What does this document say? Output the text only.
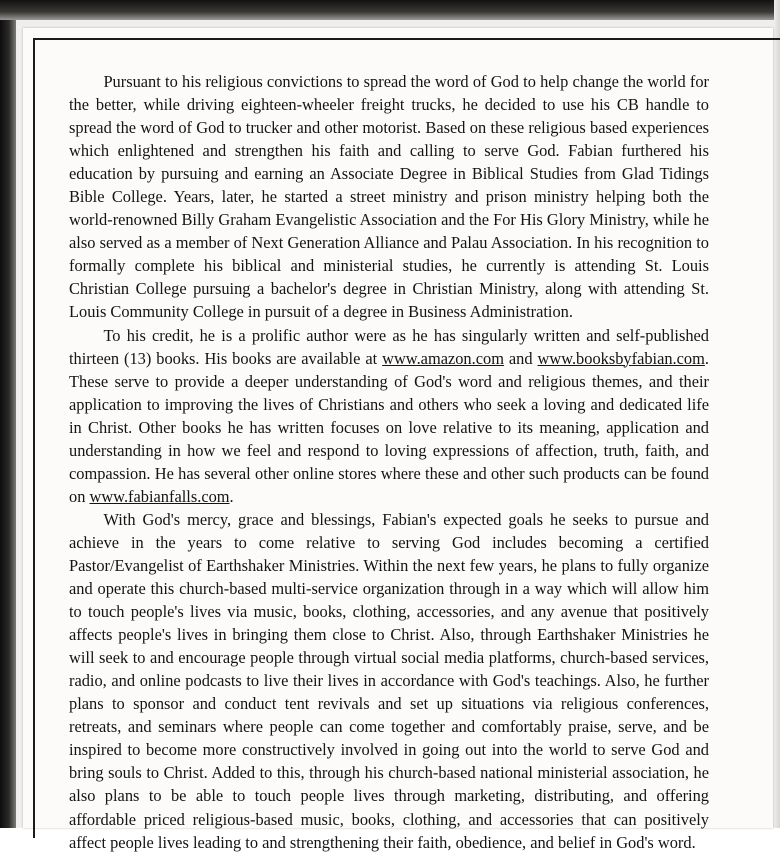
Pursuant to his religious convictions to spread the word of God to help change the world for the better, while driving eighteen-wheeler freight trucks, he decided to use his CB handle to spread the word of God to trucker and other motorist. Based on these religious based experiences which enlightened and strengthen his faith and calling to serve God. Fabian furthered his education by pursuing and earning an Associate Degree in Biblical Studies from Glad Tidings Bible College. Years, later, he started a street ministry and prison ministry helping both the world-renowned Billy Graham Evangelistic Association and the For His Glory Ministry, while he also served as a member of Next Generation Alliance and Palau Association. In his recognition to formally complete his biblical and ministerial studies, he currently is attending St. Louis Christian College pursuing a bachelor's degree in Christian Ministry, along with attending St. Louis Community College in pursuit of a degree in Business Administration.

To his credit, he is a prolific author were as he has singularly written and self-published thirteen (13) books. His books are available at www.amazon.com and www.booksbyfabian.com. These serve to provide a deeper understanding of God's word and religious themes, and their application to improving the lives of Christians and others who seek a loving and dedicated life in Christ. Other books he has written focuses on love relative to its meaning, application and understanding in how we feel and respond to loving expressions of affection, truth, faith, and compassion. He has several other online stores where these and other such products can be found on www.fabianfalls.com.

With God's mercy, grace and blessings, Fabian's expected goals he seeks to pursue and achieve in the years to come relative to serving God includes becoming a certified Pastor/Evangelist of Earthshaker Ministries. Within the next few years, he plans to fully organize and operate this church-based multi-service organization through in a way which will allow him to touch people's lives via music, books, clothing, accessories, and any avenue that positively affects people's lives in bringing them close to Christ. Also, through Earthshaker Ministries he will seek to and encourage people through virtual social media platforms, church-based services, radio, and online podcasts to live their lives in accordance with God's teachings. Also, he further plans to sponsor and conduct tent revivals and set up situations via religious conferences, retreats, and seminars where people can come together and comfortably praise, serve, and be inspired to become more constructively involved in going out into the world to serve God and bring souls to Christ. Added to this, through his church-based national ministerial association, he also plans to be able to touch people lives through marketing, distributing, and offering affordable priced religious-based music, books, clothing, and accessories that can positively affect people lives leading to and strengthening their faith, obedience, and belief in God's word.
